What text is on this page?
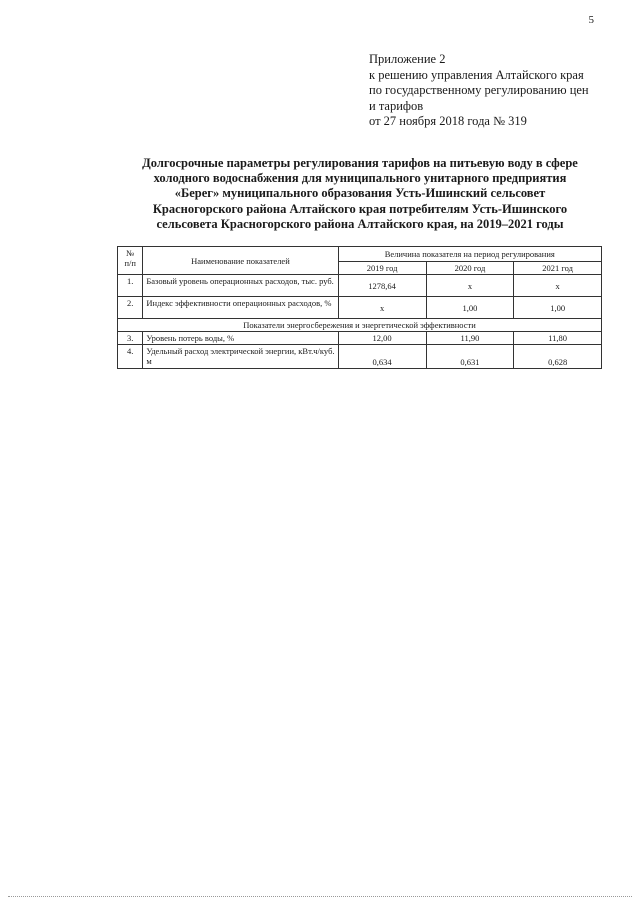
5
Приложение 2
к решению управления Алтайского края
по государственному регулированию цен
и тарифов
от 27 ноября 2018 года № 319
Долгосрочные параметры регулирования тарифов на питьевую воду в сфере
холодного водоснабжения для муниципального унитарного предприятия
«Берег» муниципального образования Усть-Ишинский сельсовет
Красногорского района Алтайского края потребителям Усть-Ишинского
сельсовета Красногорского района Алтайского края, на 2019–2021 годы
№
п/п	Наименование показателей	Величина показателя на период регулирования		
		2019 год	2020 год	2021 год
1.	Базовый уровень операционных расходов, тыс. руб.	1278,64	х	х
2.	Индекс эффективности операционных расходов, %	х	1,00	1,00
Показатели энергосбережения и энергетической эффективности				
3.	Уровень потерь воды, %	12,00	11,90	11,80
4.	Удельный расход электрической энергии, кВт.ч/куб. м	0,634	0,631	0,628
